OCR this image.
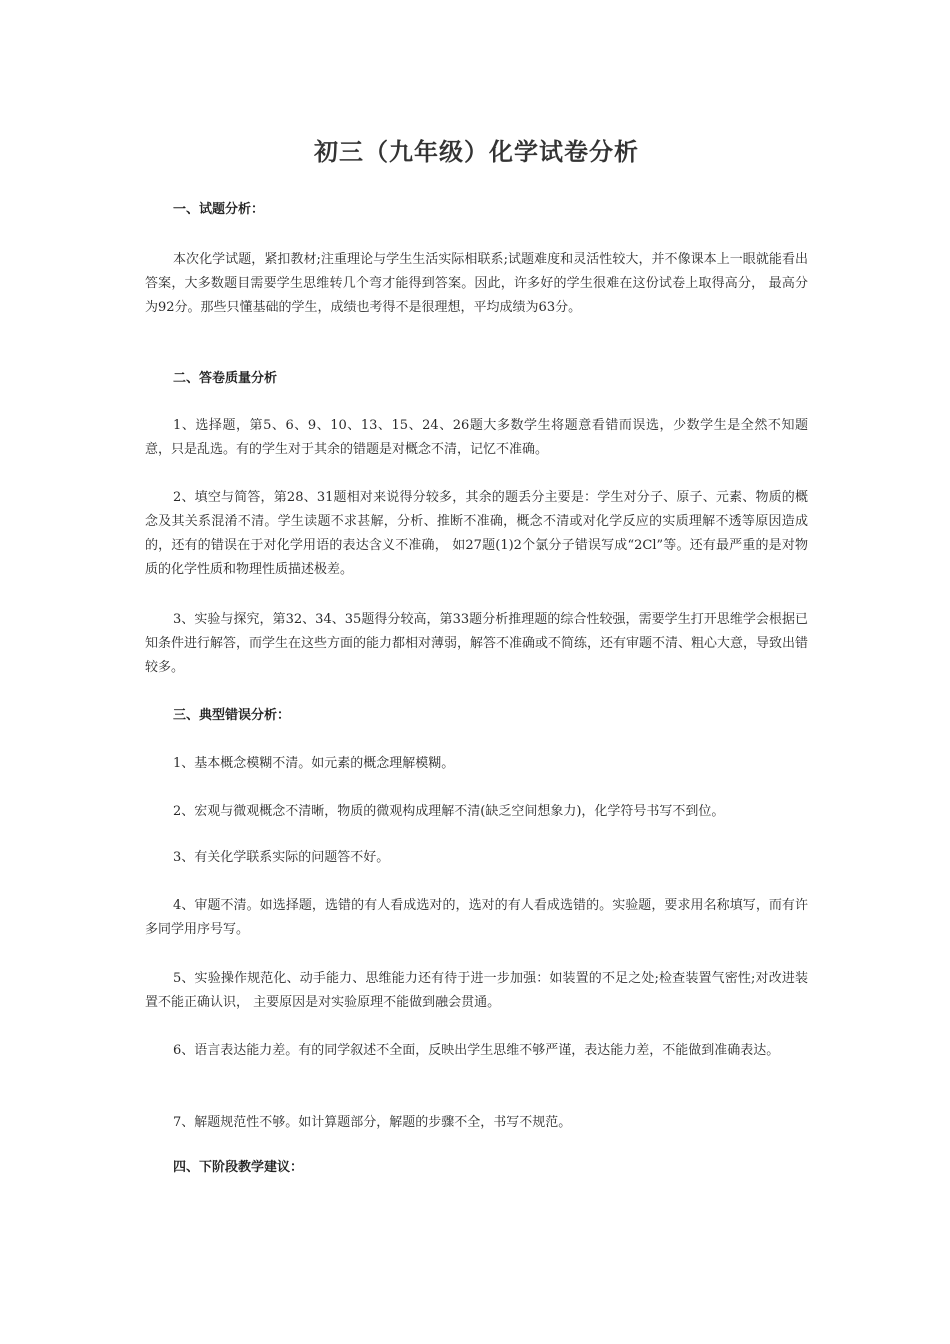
初三（九年级）化学试卷分析
一、试题分析：

本次化学试题，紧扣教材;注重理论与学生生活实际相联系;试题难度和灵活性较大，并不像课本上一眼就能看出答案，大多数题目需要学生思维转几个弯才能得到答案。因此，许多好的学生很难在这份试卷上取得高分， 最高分为92分。那些只懂基础的学生，成绩也考得不是很理想，平均成绩为63分。

二、答卷质量分析

1、选择题，第5、6、9、10、13、15、24、26题大多数学生将题意看错而误选，少数学生是全然不知题意，只是乱选。有的学生对于其余的错题是对概念不清，记忆不准确。

2、填空与简答，第28、31题相对来说得分较多，其余的题丢分主要是：学生对分子、原子、元素、物质的概念及其关系混淆不清。学生读题不求甚解，分析、推断不准确，概念不清或对化学反应的实质理解不透等原因造成的，还有的错误在于对化学用语的表达含义不准确， 如27题(1)2个氯分子错误写成“2Cl”等。还有最严重的是对物质的化学性质和物理性质描述极差。

3、实验与探究，第32、34、35题得分较高，第33题分析推理题的综合性较强，需要学生打开思维学会根据已知条件进行解答，而学生在这些方面的能力都相对薄弱，解答不准确或不简练，还有审题不清、粗心大意，导致出错较多。

三、典型错误分析：

1、基本概念模糊不清。如元素的概念理解模糊。

2、宏观与微观概念不清晰，物质的微观构成理解不清(缺乏空间想象力)，化学符号书写不到位。

3、有关化学联系实际的问题答不好。

4、审题不清。如选择题，选错的有人看成选对的，选对的有人看成选错的。实验题，要求用名称填写，而有许多同学用序号写。

5、实验操作规范化、动手能力、思维能力还有待于进一步加强：如装置的不足之处;检查装置气密性;对改进装置不能正确认识， 主要原因是对实验原理不能做到融会贯通。

6、语言表达能力差。有的同学叙述不全面，反映出学生思维不够严谨，表达能力差，不能做到准确表达。

7、解题规范性不够。如计算题部分，解题的步骤不全，书写不规范。

四、下阶段教学建议：
